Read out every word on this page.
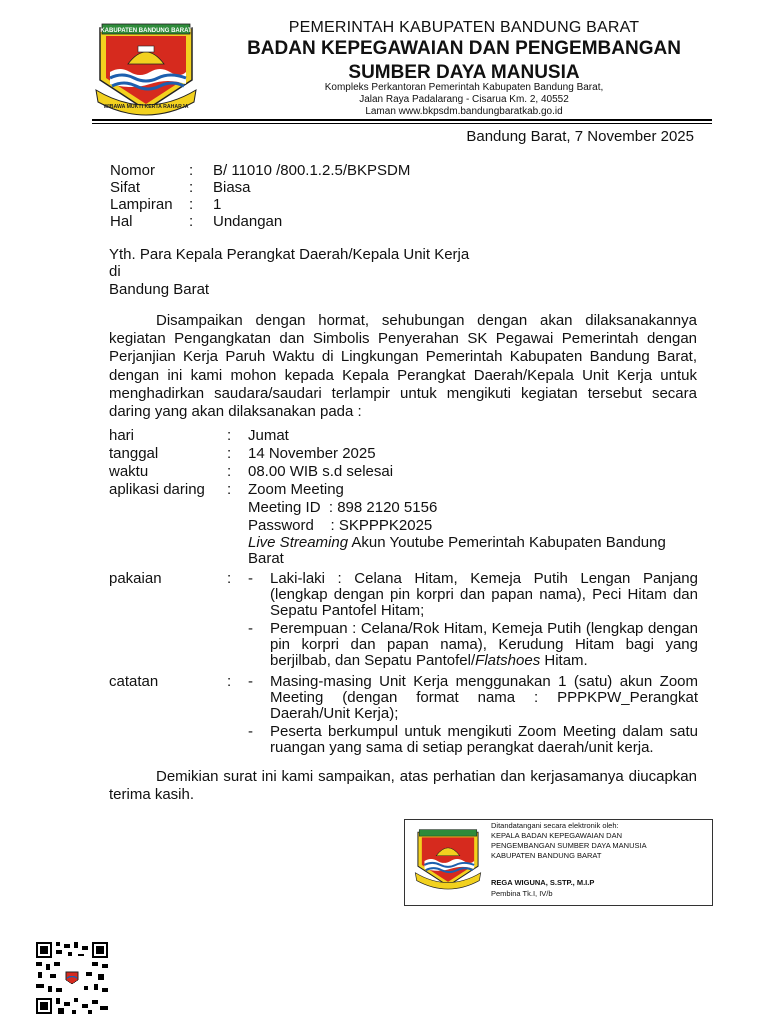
KABUPATEN BANDUNG BARAT
WIBAWA MUKTI KERTA RAHARJA
PEMERINTAH KABUPATEN BANDUNG BARAT
BADAN KEPEGAWAIAN DAN PENGEMBANGAN
SUMBER DAYA MANUSIA
Kompleks Perkantoran Pemerintah Kabupaten Bandung Barat,
Jalan Raya Padalarang - Cisarua Km. 2, 40552
Laman www.bkpsdm.bandungbaratkab.go.id
Bandung Barat, 7 November 2025
Nomor : B/ 11010 /800.1.2.5/BKPSDM
Sifat	: Biasa
Lampiran : 1
Hal	: Undangan
Yth. Para Kepala Perangkat Daerah/Kepala Unit Kerja
di
Bandung Barat
Disampaikan dengan hormat, sehubungan dengan akan dilaksanakannya kegiatan Pengangkatan dan Simbolis Penyerahan SK Pegawai Pemerintah dengan Perjanjian Kerja Paruh Waktu di Lingkungan Pemerintah Kabupaten Bandung Barat, dengan ini kami mohon kepada Kepala Perangkat Daerah/Kepala Unit Kerja untuk menghadirkan saudara/saudari terlampir untuk mengikuti kegiatan tersebut secara daring yang akan dilaksanakan pada :
hari	: Jumat
tanggal	: 14 November 2025
waktu	: 08.00 WIB s.d selesai
aplikasi daring : Zoom Meeting
Meeting ID  : 898 2120 5156
Password    : SKPPPK2025
Live Streaming Akun Youtube Pemerintah Kabupaten Bandung Barat
pakaian	: - Laki-laki : Celana Hitam, Kemeja Putih Lengan Panjang (lengkap dengan pin korpri dan papan nama), Peci Hitam dan Sepatu Pantofel Hitam;
- Perempuan : Celana/Rok Hitam, Kemeja Putih (lengkap dengan pin korpri dan papan nama), Kerudung Hitam bagi yang berjilbab, dan Sepatu Pantofel/Flatshoes Hitam.
catatan	: - Masing-masing Unit Kerja menggunakan 1 (satu) akun Zoom Meeting (dengan format nama : PPPKPW_Perangkat Daerah/Unit Kerja);
- Peserta berkumpul untuk mengikuti Zoom Meeting dalam satu ruangan yang sama di setiap perangkat daerah/unit kerja.
Demikian surat ini kami sampaikan, atas perhatian dan kerjasamanya diucapkan terima kasih.
Ditandatangani secara elektronik oleh:
KEPALA BADAN KEPEGAWAIAN DAN
PENGEMBANGAN SUMBER DAYA MANUSIA
KABUPATEN BANDUNG BARAT
REGA WIGUNA, S.STP., M.I.P
Pembina Tk.I, IV/b
